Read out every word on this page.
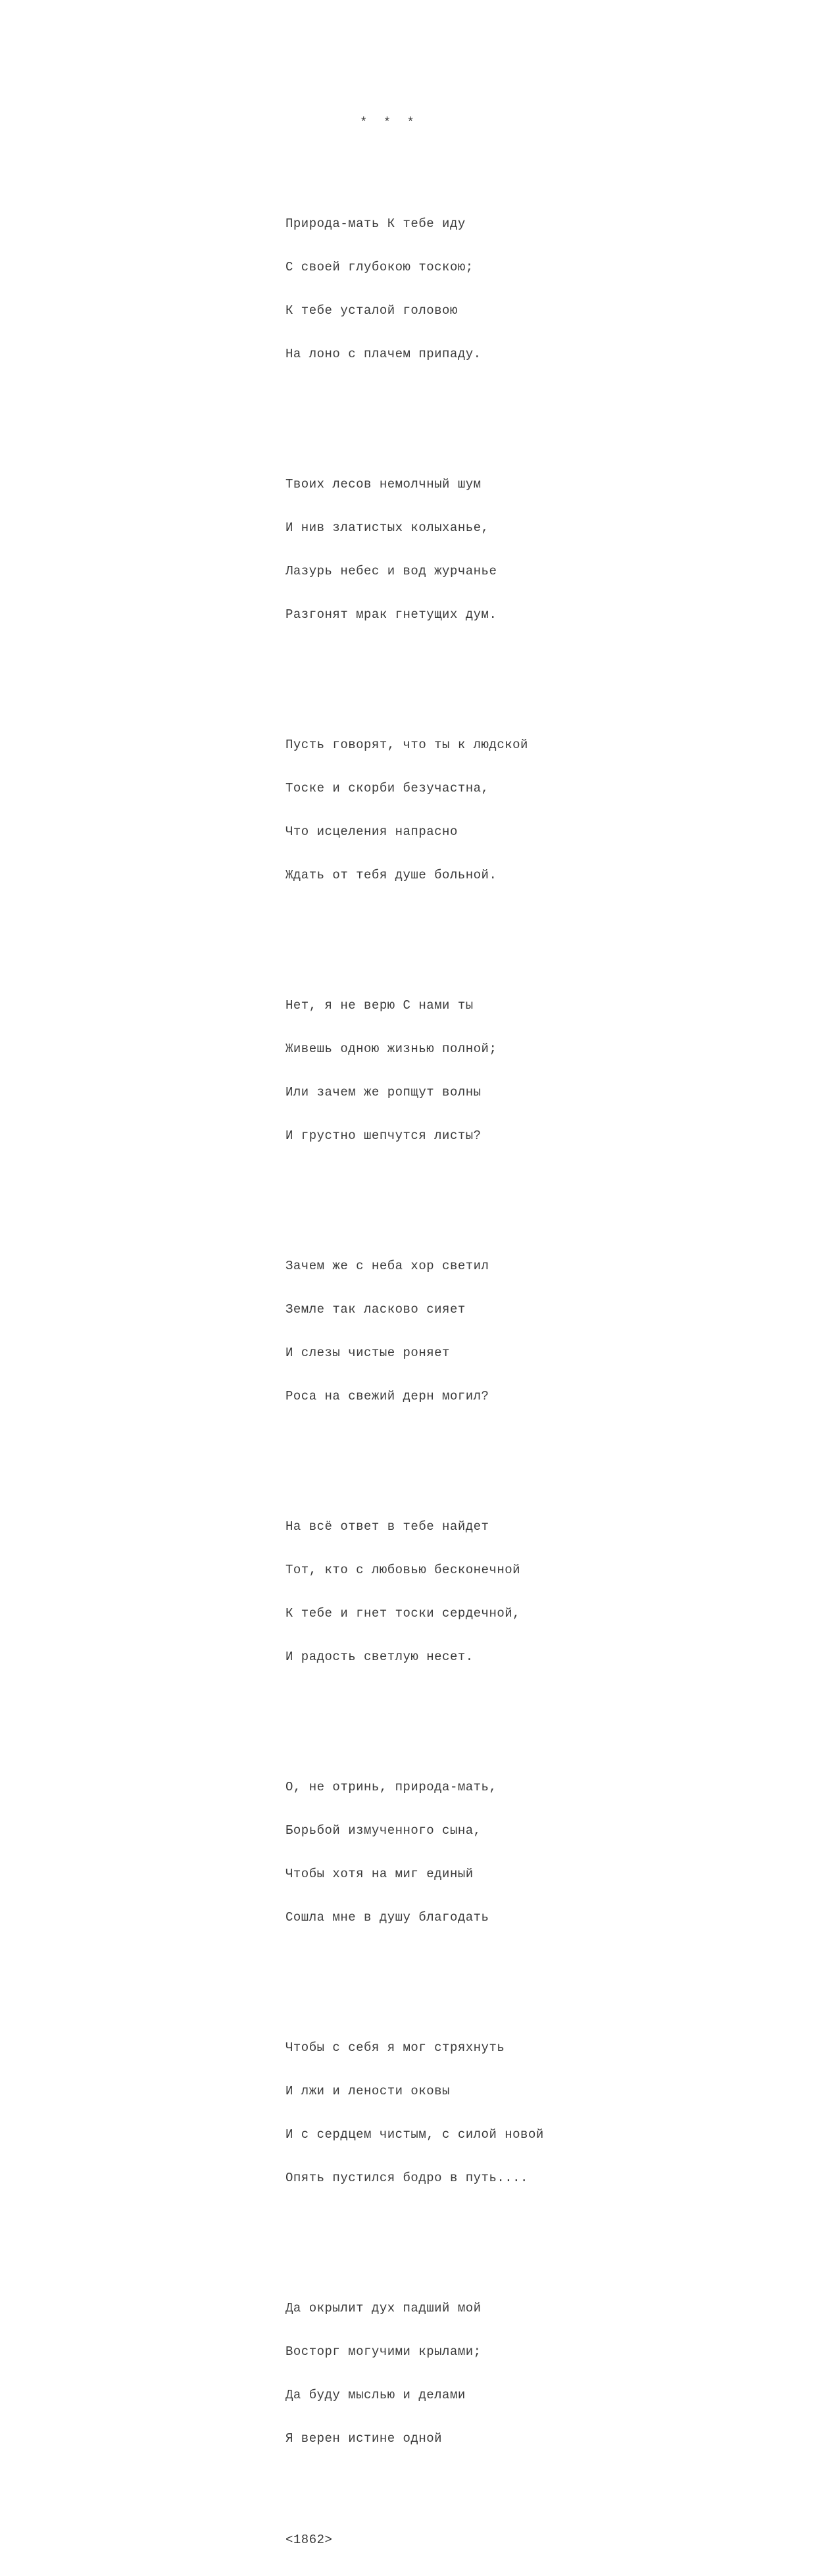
*  *  *

Природа-мать К тебе иду

С своей глубокою тоскою;

К тебе усталой головою

На лоно с плачем припаду.

Твоих лесов немолчный шум

И нив златистых колыханье,

Лазурь небес и вод журчанье

Разгонят мрак гнетущих дум.

Пусть говорят, что ты к людской

Тоске и скорби безучастна,

Что исцеления напрасно

Ждать от тебя душе больной.

Нет, я не верю С нами ты

Живешь одною жизнью полной;

Или зачем же ропщут волны

И грустно шепчутся листы?

Зачем же с неба хор светил

Земле так ласково сияет

И слезы чистые роняет

Роса на свежий дерн могил?

На всё ответ в тебе найдет

Тот, кто с любовью бесконечной

К тебе и гнет тоски сердечной,

И радость светлую несет.

О, не отринь, природа-мать,

Борьбой измученного сына,

Чтобы хотя на миг единый

Сошла мне в душу благодать

Чтобы с себя я мог стряхнуть

И лжи и лености оковы

И с сердцем чистым, с силой новой

Опять пустился бодро в путь....

Да окрылит дух падший мой

Восторг могучими крылами;

Да буду мыслью и делами

Я верен истине одной

<1862>
